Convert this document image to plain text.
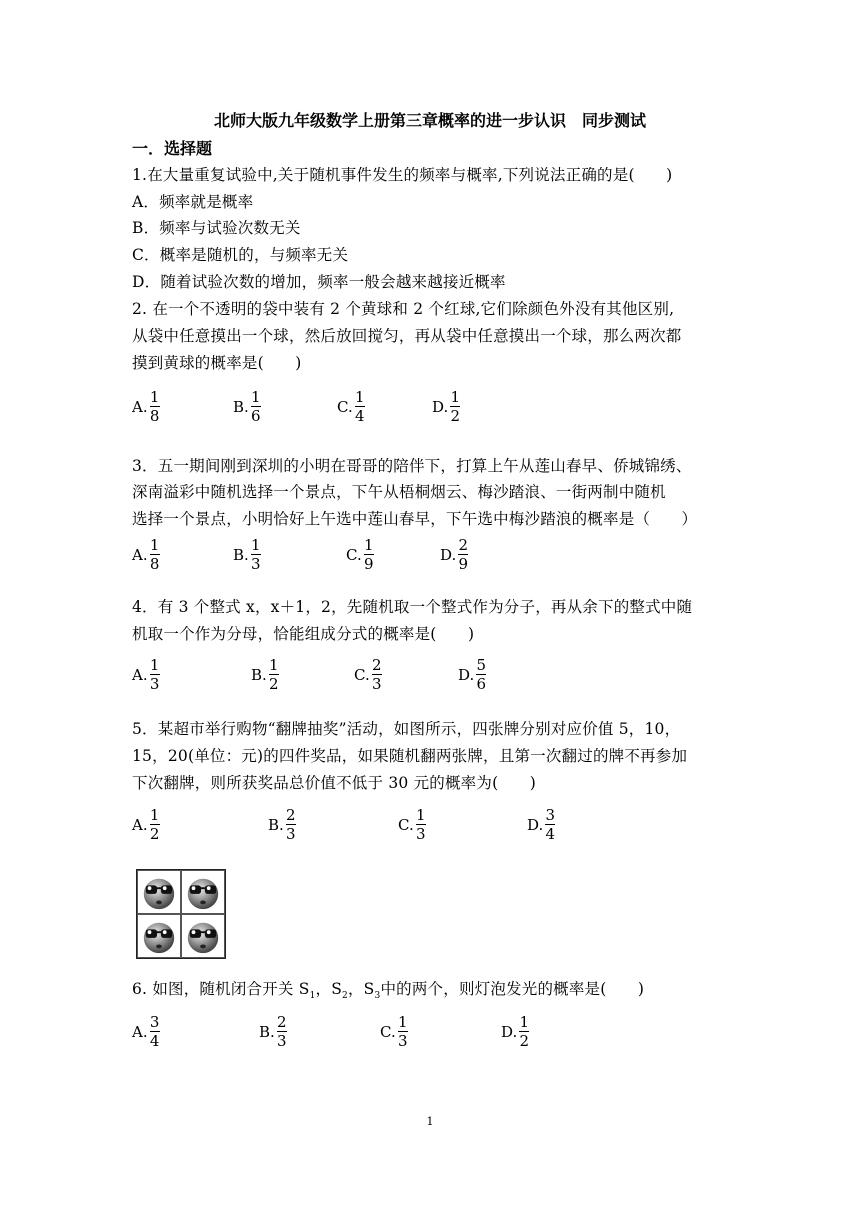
北师大版九年级数学上册第三章概率的进一步认识　同步测试
一．选择题
1.在大量重复试验中,关于随机事件发生的频率与概率,下列说法正确的是(　　)
A．频率就是概率
B．频率与试验次数无关
C．概率是随机的，与频率无关
D．随着试验次数的增加，频率一般会越来越接近概率
2. 在一个不透明的袋中装有 2 个黄球和 2 个红球,它们除颜色外没有其他区别,
从袋中任意摸出一个球，然后放回搅匀，再从袋中任意摸出一个球，那么两次都
摸到黄球的概率是(　　)
A. $\frac{1}{8}$	B. $\frac{1}{6}$	C. $\frac{1}{4}$	D. $\frac{1}{2}$
3．五一期间刚到深圳的小明在哥哥的陪伴下，打算上午从莲山春早、侨城锦绣、
深南溢彩中随机选择一个景点，下午从梧桐烟云、梅沙踏浪、一街两制中随机
选择一个景点，小明恰好上午选中莲山春早，下午选中梅沙踏浪的概率是（　　）
A. $\frac{1}{8}$	B. $\frac{1}{3}$	C. $\frac{1}{9}$	D. $\frac{2}{9}$
4．有 3 个整式 x，x＋1，2，先随机取一个整式作为分子，再从余下的整式中随
机取一个作为分母，恰能组成分式的概率是(　　)
A. $\frac{1}{3}$	B. $\frac{1}{2}$	C. $\frac{2}{3}$	D. $\frac{5}{6}$
5．某超市举行购物“翻牌抽奖”活动，如图所示，四张牌分别对应价值 5，10，
15，20(单位：元)的四件奖品，如果随机翻两张牌，且第一次翻过的牌不再参加
下次翻牌，则所获奖品总价值不低于 30 元的概率为(　　)
A. $\frac{1}{2}$	B. $\frac{2}{3}$	C. $\frac{1}{3}$	D. $\frac{3}{4}$
6. 如图，随机闭合开关 $S_1$，$S_2$，$S_3$中的两个，则灯泡发光的概率是(　　)
A. $\frac{3}{4}$	B. $\frac{2}{3}$	C. $\frac{1}{3}$	D. $\frac{1}{2}$
1
